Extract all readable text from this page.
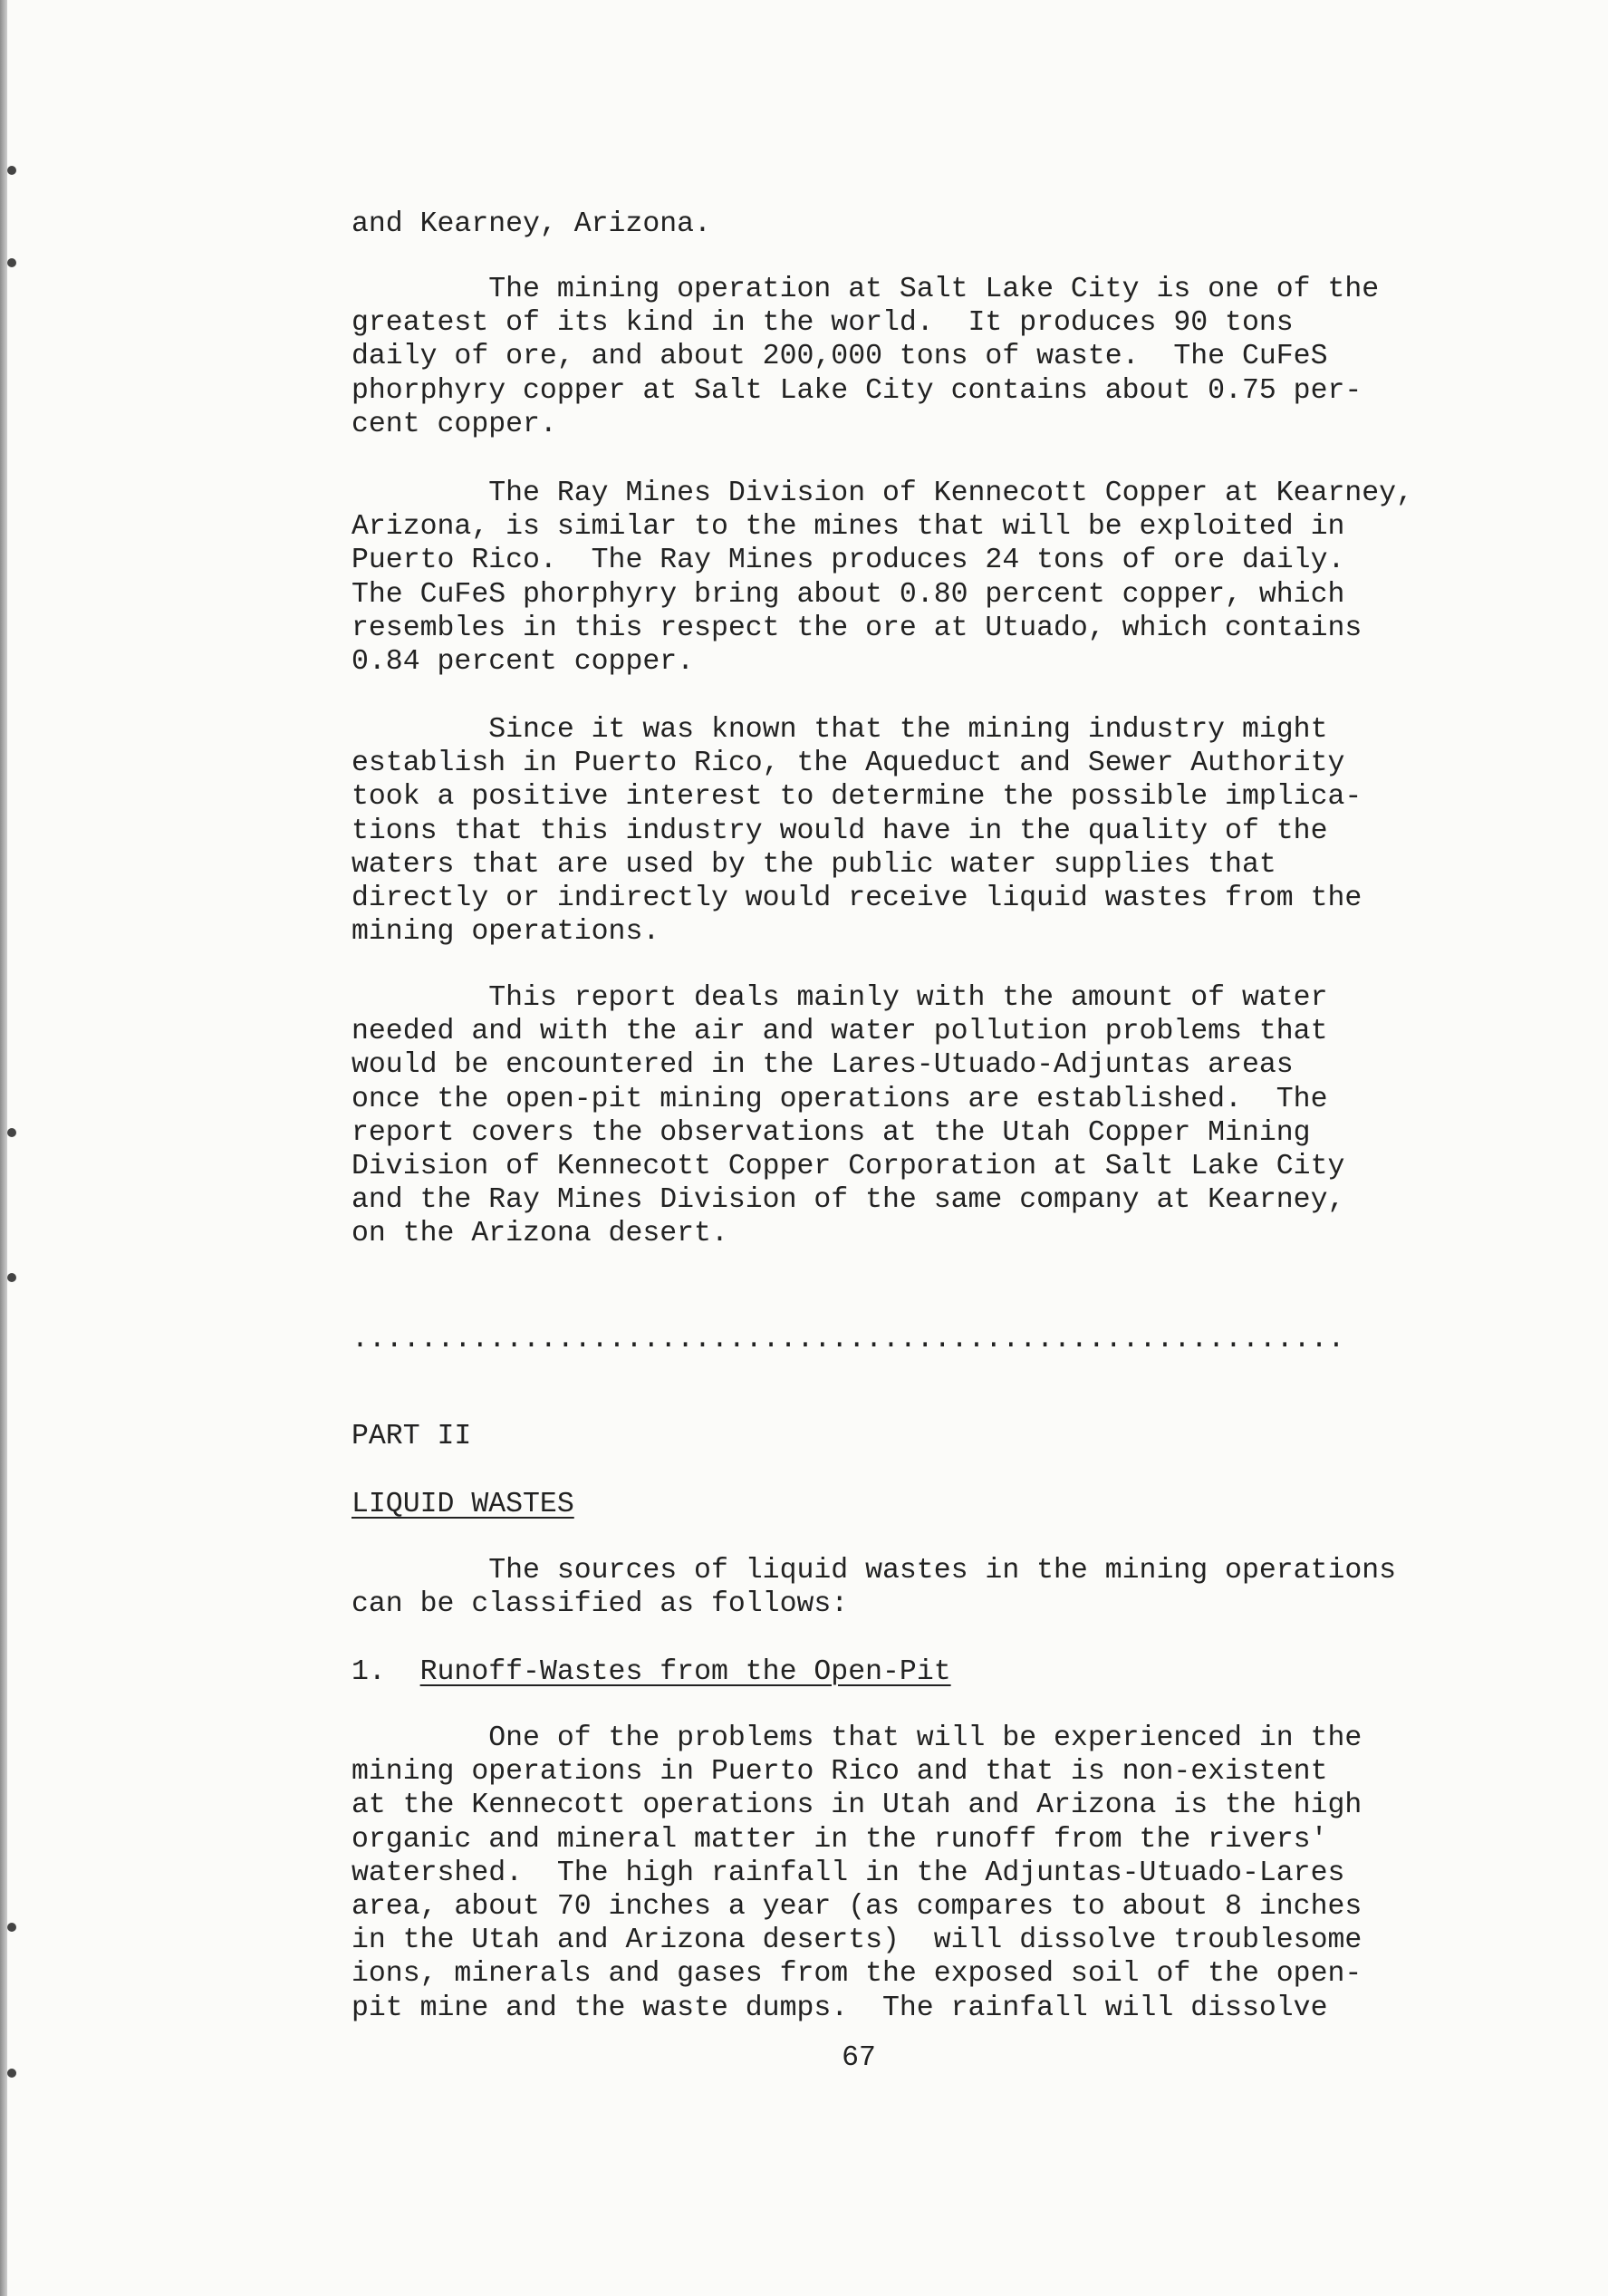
and Kearney, Arizona.

The mining operation at Salt Lake City is one of the
greatest of its kind in the world.  It produces 90 tons
daily of ore, and about 200,000 tons of waste.  The CuFeS
phorphyry copper at Salt Lake City contains about 0.75 per-
cent copper.

The Ray Mines Division of Kennecott Copper at Kearney,
Arizona, is similar to the mines that will be exploited in
Puerto Rico.  The Ray Mines produces 24 tons of ore daily.
The CuFeS phorphyry bring about 0.80 percent copper, which
resembles in this respect the ore at Utuado, which contains
0.84 percent copper.

Since it was known that the mining industry might
establish in Puerto Rico, the Aqueduct and Sewer Authority
took a positive interest to determine the possible implica-
tions that this industry would have in the quality of the
waters that are used by the public water supplies that
directly or indirectly would receive liquid wastes from the
mining operations.

This report deals mainly with the amount of water
needed and with the air and water pollution problems that
would be encountered in the Lares-Utuado-Adjuntas areas
once the open-pit mining operations are established.  The
report covers the observations at the Utah Copper Mining
Division of Kennecott Copper Corporation at Salt Lake City
and the Ray Mines Division of the same company at Kearney,
on the Arizona desert.

..........................................................

PART II

LIQUID WASTES

The sources of liquid wastes in the mining operations
can be classified as follows:

1. Runoff-Wastes from the Open-Pit

One of the problems that will be experienced in the
mining operations in Puerto Rico and that is non-existent
at the Kennecott operations in Utah and Arizona is the high
organic and mineral matter in the runoff from the rivers'
watershed.  The high rainfall in the Adjuntas-Utuado-Lares
area, about 70 inches a year (as compares to about 8 inches
in the Utah and Arizona deserts)  will dissolve troublesome
ions, minerals and gases from the exposed soil of the open-
pit mine and the waste dumps.  The rainfall will dissolve

67
